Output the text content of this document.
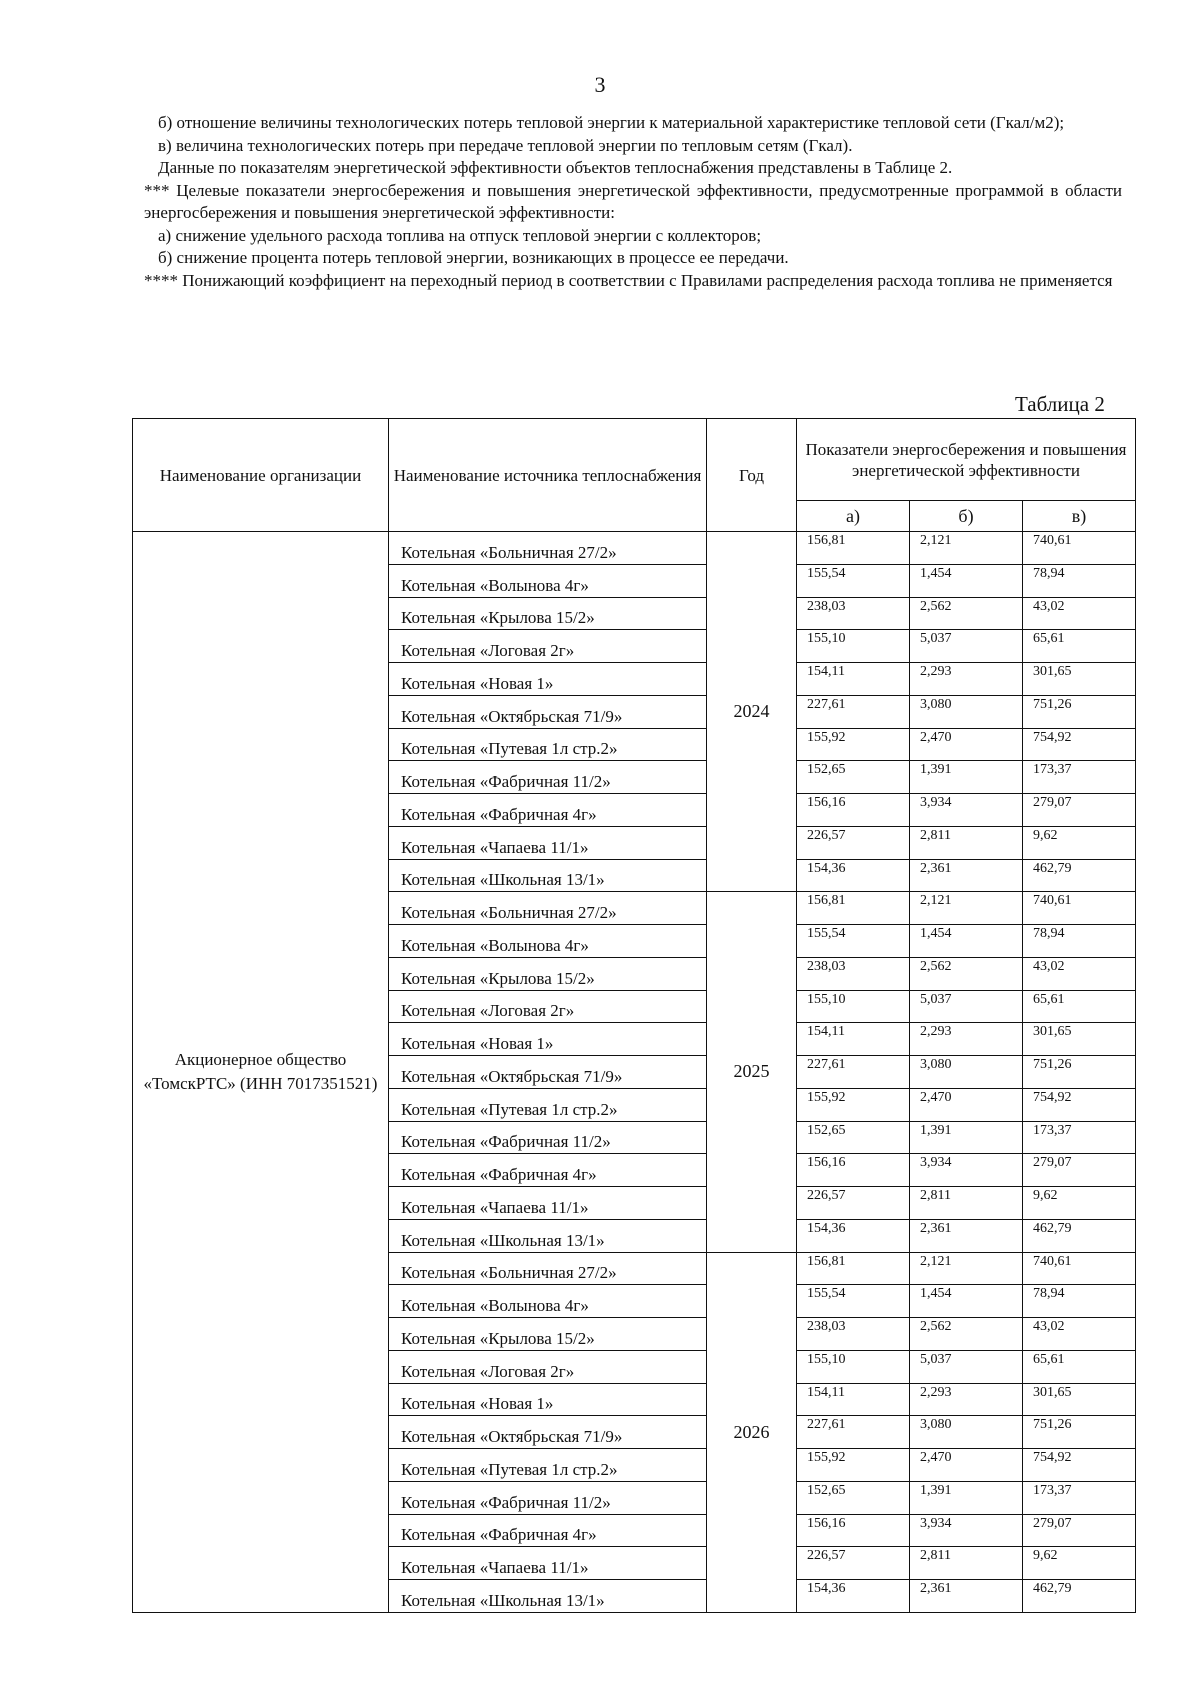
3

б) отношение величины технологических потерь тепловой энергии к материальной характеристике тепловой сети (Гкал/м2);

в) величина технологических потерь при передаче тепловой энергии по тепловым сетям (Гкал).

Данные по показателям энергетической эффективности объектов теплоснабжения представлены в Таблице 2.

*** Целевые показатели энергосбережения и повышения энергетической эффективности, предусмотренные программой в области энергосбережения и повышения энергетической эффективности:

а) снижение удельного расхода топлива на отпуск тепловой энергии с коллекторов;

б) снижение процента потерь тепловой энергии, возникающих в процессе ее передачи.

**** Понижающий коэффициент на переходный период в соответствии с Правилами распределения расхода топлива не применяется

Таблица 2
Наименование организации	Наименование источника теплоснабжения	Год	Показатели энергосбережения и повышения энергетической эффективности		
			а)	б)	в)
Акционерное общество «ТомскРТС» (ИНН 7017351521)	Котельная «Больничная 27/2»	2024	156,81	2,121	740,61
	Котельная «Волынова 4г»		155,54	1,454	78,94
	Котельная «Крылова 15/2»		238,03	2,562	43,02
	Котельная «Логовая 2г»		155,10	5,037	65,61
	Котельная «Новая 1»		154,11	2,293	301,65
	Котельная «Октябрьская 71/9»		227,61	3,080	751,26
	Котельная «Путевая 1л стр.2»		155,92	2,470	754,92
	Котельная «Фабричная 11/2»		152,65	1,391	173,37
	Котельная «Фабричная 4г»		156,16	3,934	279,07
	Котельная «Чапаева 11/1»		226,57	2,811	9,62
	Котельная «Школьная 13/1»		154,36	2,361	462,79
	Котельная «Больничная 27/2»	2025	156,81	2,121	740,61
	Котельная «Волынова 4г»		155,54	1,454	78,94
	Котельная «Крылова 15/2»		238,03	2,562	43,02
	Котельная «Логовая 2г»		155,10	5,037	65,61
	Котельная «Новая 1»		154,11	2,293	301,65
	Котельная «Октябрьская 71/9»		227,61	3,080	751,26
	Котельная «Путевая 1л стр.2»		155,92	2,470	754,92
	Котельная «Фабричная 11/2»		152,65	1,391	173,37
	Котельная «Фабричная 4г»		156,16	3,934	279,07
	Котельная «Чапаева 11/1»		226,57	2,811	9,62
	Котельная «Школьная 13/1»		154,36	2,361	462,79
	Котельная «Больничная 27/2»	2026	156,81	2,121	740,61
	Котельная «Волынова 4г»		155,54	1,454	78,94
	Котельная «Крылова 15/2»		238,03	2,562	43,02
	Котельная «Логовая 2г»		155,10	5,037	65,61
	Котельная «Новая 1»		154,11	2,293	301,65
	Котельная «Октябрьская 71/9»		227,61	3,080	751,26
	Котельная «Путевая 1л стр.2»		155,92	2,470	754,92
	Котельная «Фабричная 11/2»		152,65	1,391	173,37
	Котельная «Фабричная 4г»		156,16	3,934	279,07
	Котельная «Чапаева 11/1»		226,57	2,811	9,62
	Котельная «Школьная 13/1»		154,36	2,361	462,79
